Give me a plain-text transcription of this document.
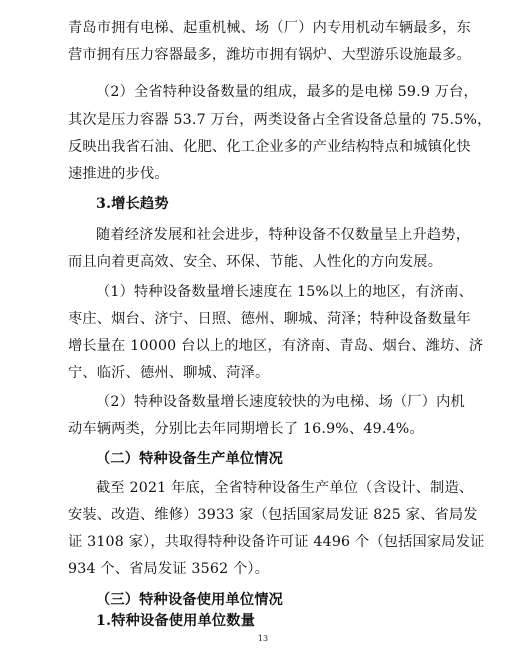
青岛市拥有电梯、起重机械、场（厂）内专用机动车辆最多，东
营市拥有压力容器最多，潍坊市拥有锅炉、大型游乐设施最多。
（2）全省特种设备数量的组成，最多的是电梯 59.9 万台，
其次是压力容器 53.7 万台，两类设备占全省设备总量的 75.5%，
反映出我省石油、化肥、化工企业多的产业结构特点和城镇化快
速推进的步伐。
3.增长趋势
随着经济发展和社会进步，特种设备不仅数量呈上升趋势，
而且向着更高效、安全、环保、节能、人性化的方向发展。
（1）特种设备数量增长速度在 15%以上的地区，有济南、
枣庄、烟台、济宁、日照、德州、聊城、菏泽；特种设备数量年
增长量在 10000 台以上的地区，有济南、青岛、烟台、潍坊、济
宁、临沂、德州、聊城、菏泽。
（2）特种设备数量增长速度较快的为电梯、场（厂）内机
动车辆两类，分别比去年同期增长了 16.9%、49.4%。
（二）特种设备生产单位情况
截至 2021 年底，全省特种设备生产单位（含设计、制造、
安装、改造、维修）3933 家（包括国家局发证 825 家、省局发
证 3108 家），共取得特种设备许可证 4496 个（包括国家局发证
934 个、省局发证 3562 个）。
（三）特种设备使用单位情况
1.特种设备使用单位数量
13
